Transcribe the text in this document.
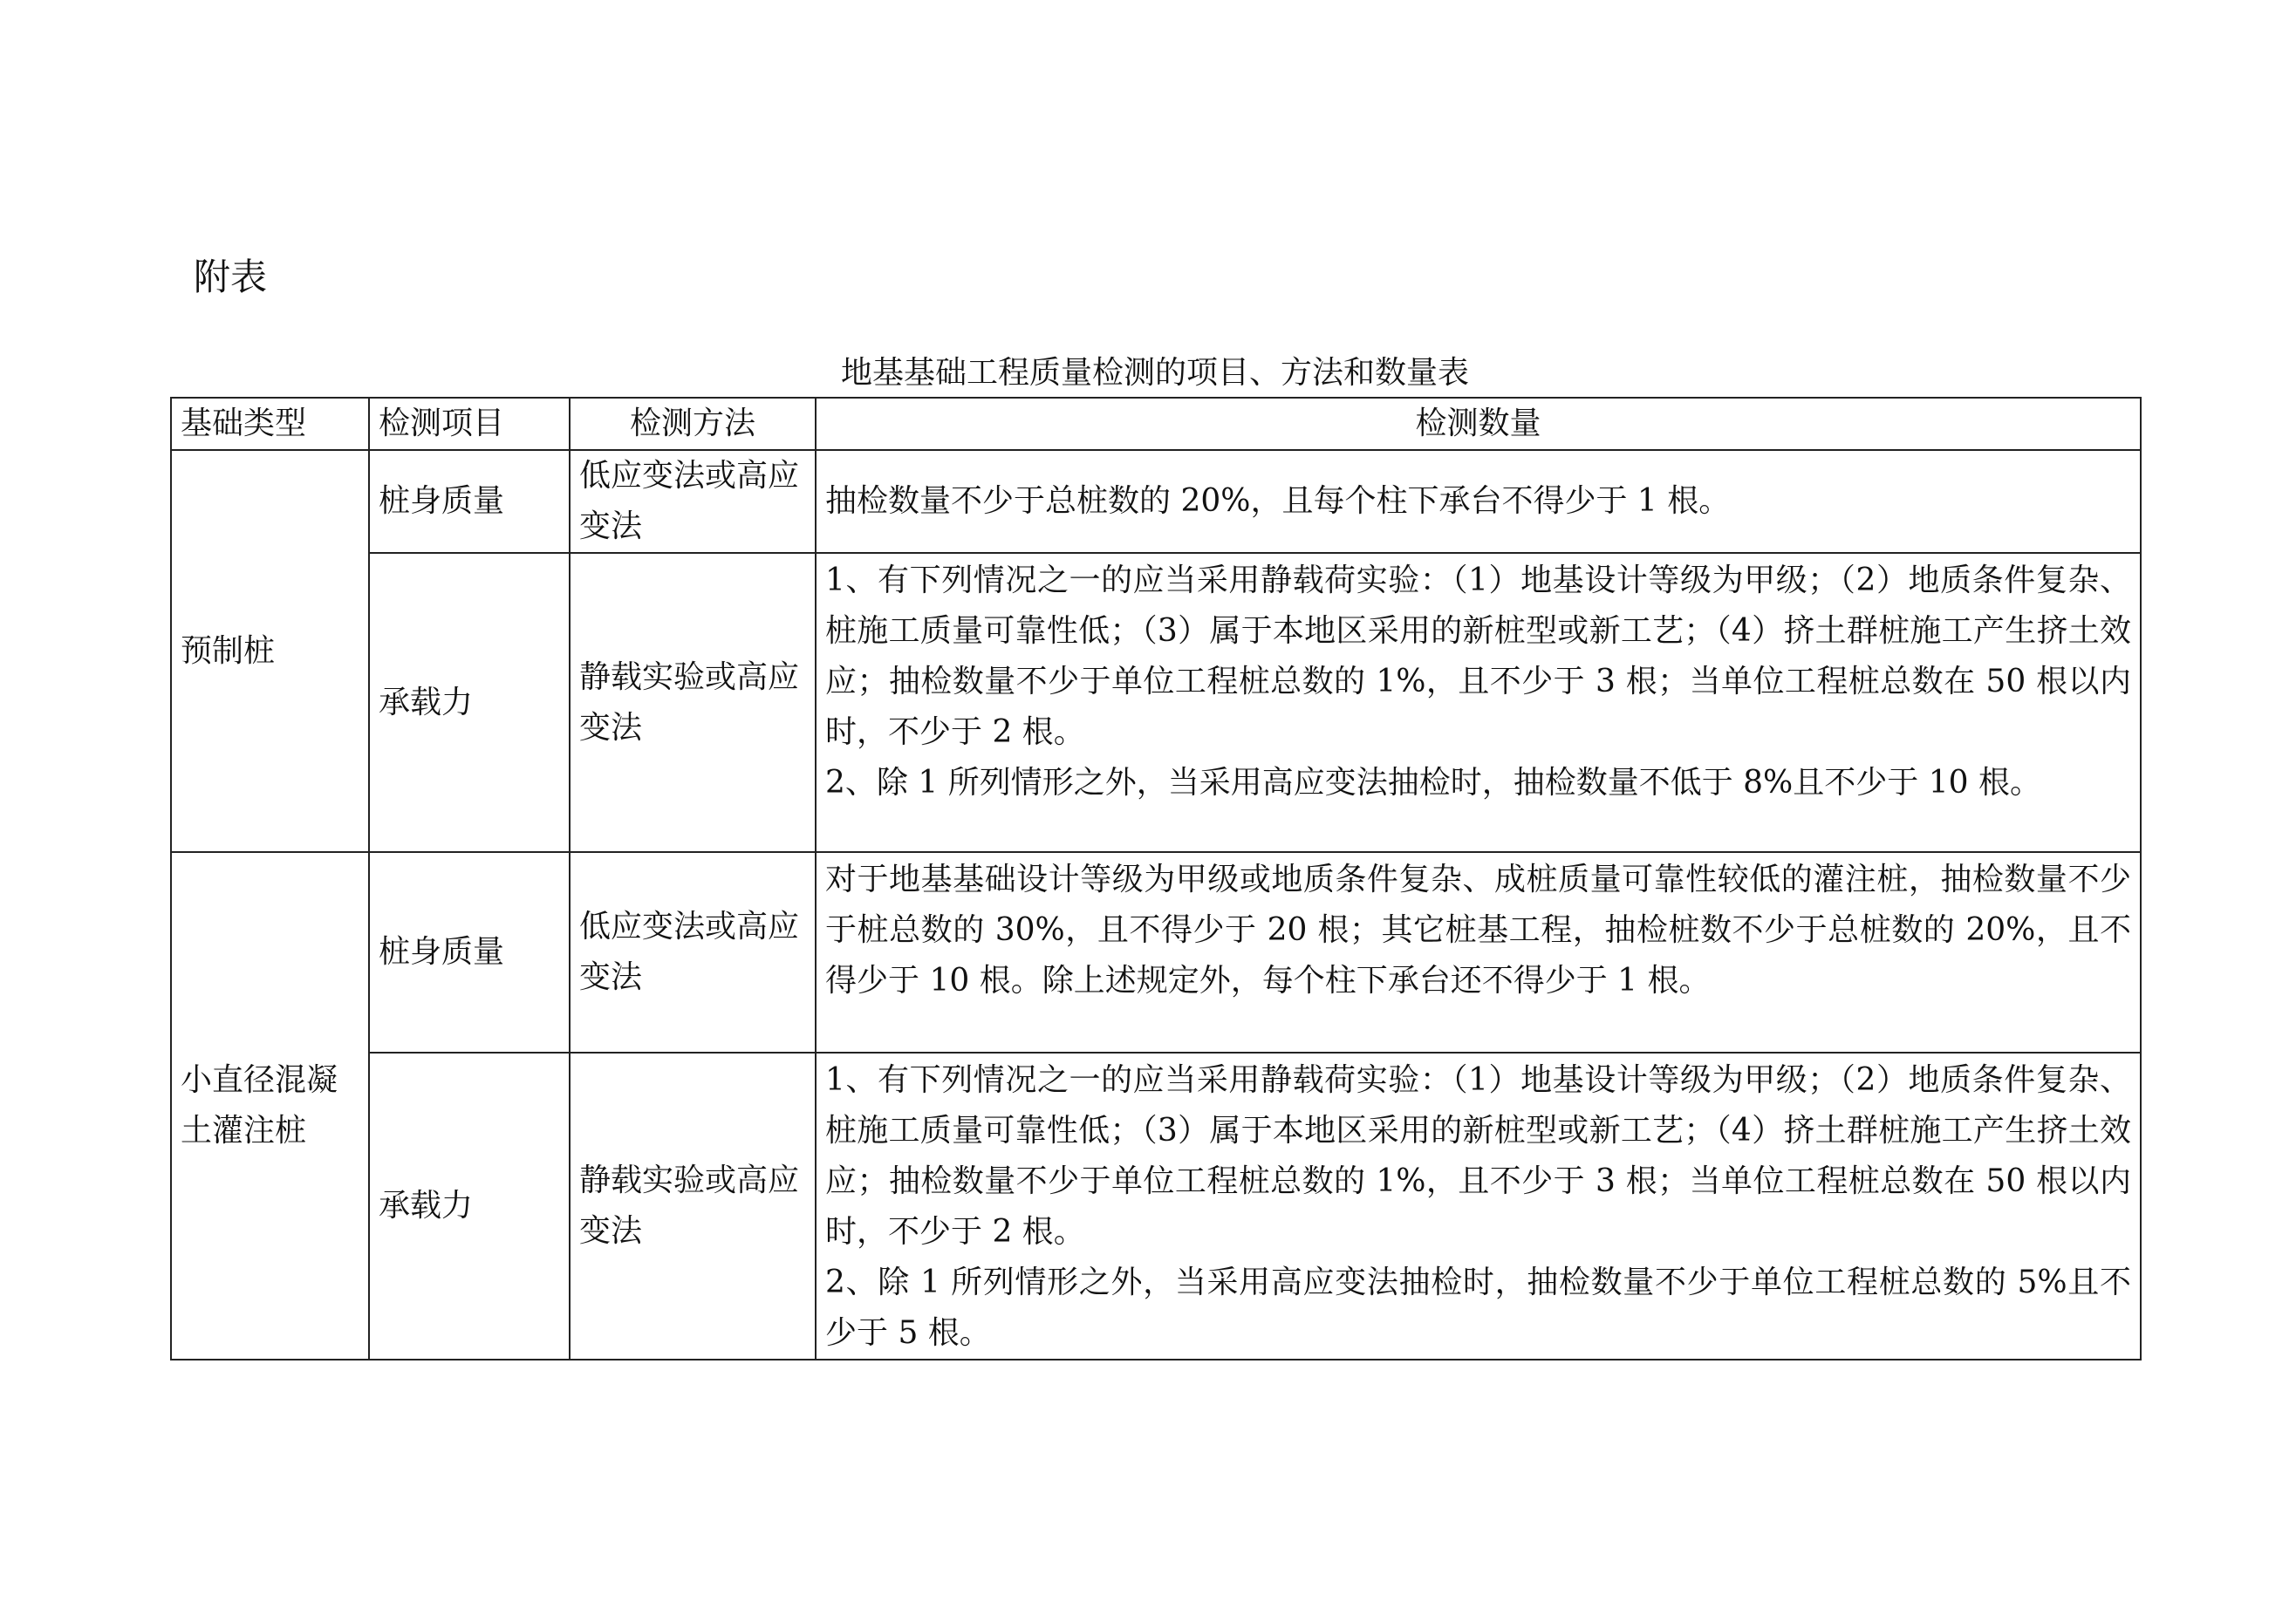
附表
地基基础工程质量检测的项目、方法和数量表
基础类型	检测项目	检测方法	检测数量
预制桩	桩身质量	低应变法或高应变法	抽检数量不少于总桩数的 20%，且每个柱下承台不得少于 1 根。

	承载力	静载实验或高应变法	1、有下列情况之一的应当采用静载荷实验：（1）地基设计等级为甲级；（2）地质条件复杂、桩施工质量可靠性低；（3）属于本地区采用的新桩型或新工艺；（4）挤土群桩施工产生挤土效应；抽检数量不少于单位工程桩总数的 1%，且不少于 3 根；当单位工程桩总数在 50 根以内时，不少于 2 根。
2、除 1 所列情形之外，当采用高应变法抽检时，抽检数量不低于 8%且不少于 10 根。

小直径混凝土灌注桩	桩身质量	低应变法或高应变法	对于地基基础设计等级为甲级或地质条件复杂、成桩质量可靠性较低的灌注桩，抽检数量不少于桩总数的 30%，且不得少于 20 根；其它桩基工程，抽检桩数不少于总桩数的 20%，且不得少于 10 根。除上述规定外，每个柱下承台还不得少于 1 根。

	承载力	静载实验或高应变法	1、有下列情况之一的应当采用静载荷实验：（1）地基设计等级为甲级；（2）地质条件复杂、桩施工质量可靠性低；（3）属于本地区采用的新桩型或新工艺；（4）挤土群桩施工产生挤土效应；抽检数量不少于单位工程桩总数的 1%，且不少于 3 根；当单位工程桩总数在 50 根以内时，不少于 2 根。
2、除 1 所列情形之外，当采用高应变法抽检时，抽检数量不少于单位工程桩总数的 5%且不少于 5 根。
